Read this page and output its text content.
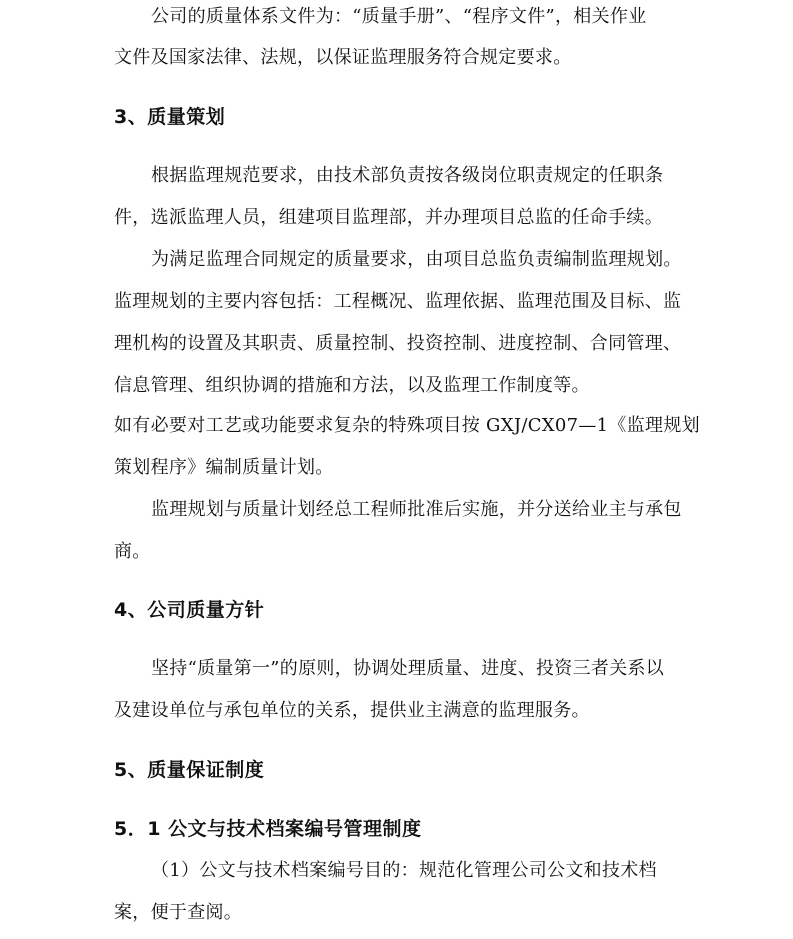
公司的质量体系文件为：“质量手册”、“程序文件”，相关作业

文件及国家法律、法规，以保证监理服务符合规定要求。

3、质量策划

根据监理规范要求，由技术部负责按各级岗位职责规定的任职条

件，选派监理人员，组建项目监理部，并办理项目总监的任命手续。

为满足监理合同规定的质量要求，由项目总监负责编制监理规划。

监理规划的主要内容包括：工程概况、监理依据、监理范围及目标、监

理机构的设置及其职责、质量控制、投资控制、进度控制、合同管理、

信息管理、组织协调的措施和方法，以及监理工作制度等。

如有必要对工艺或功能要求复杂的特殊项目按 GXJ/CX07—1《监理规划

策划程序》编制质量计划。

监理规划与质量计划经总工程师批准后实施，并分送给业主与承包

商。

4、公司质量方针

坚持“质量第一”的原则，协调处理质量、进度、投资三者关系以

及建设单位与承包单位的关系，提供业主满意的监理服务。

5、质量保证制度
5．1 公文与技术档案编号管理制度

（1）公文与技术档案编号目的：规范化管理公司公文和技术档

案，便于查阅。
